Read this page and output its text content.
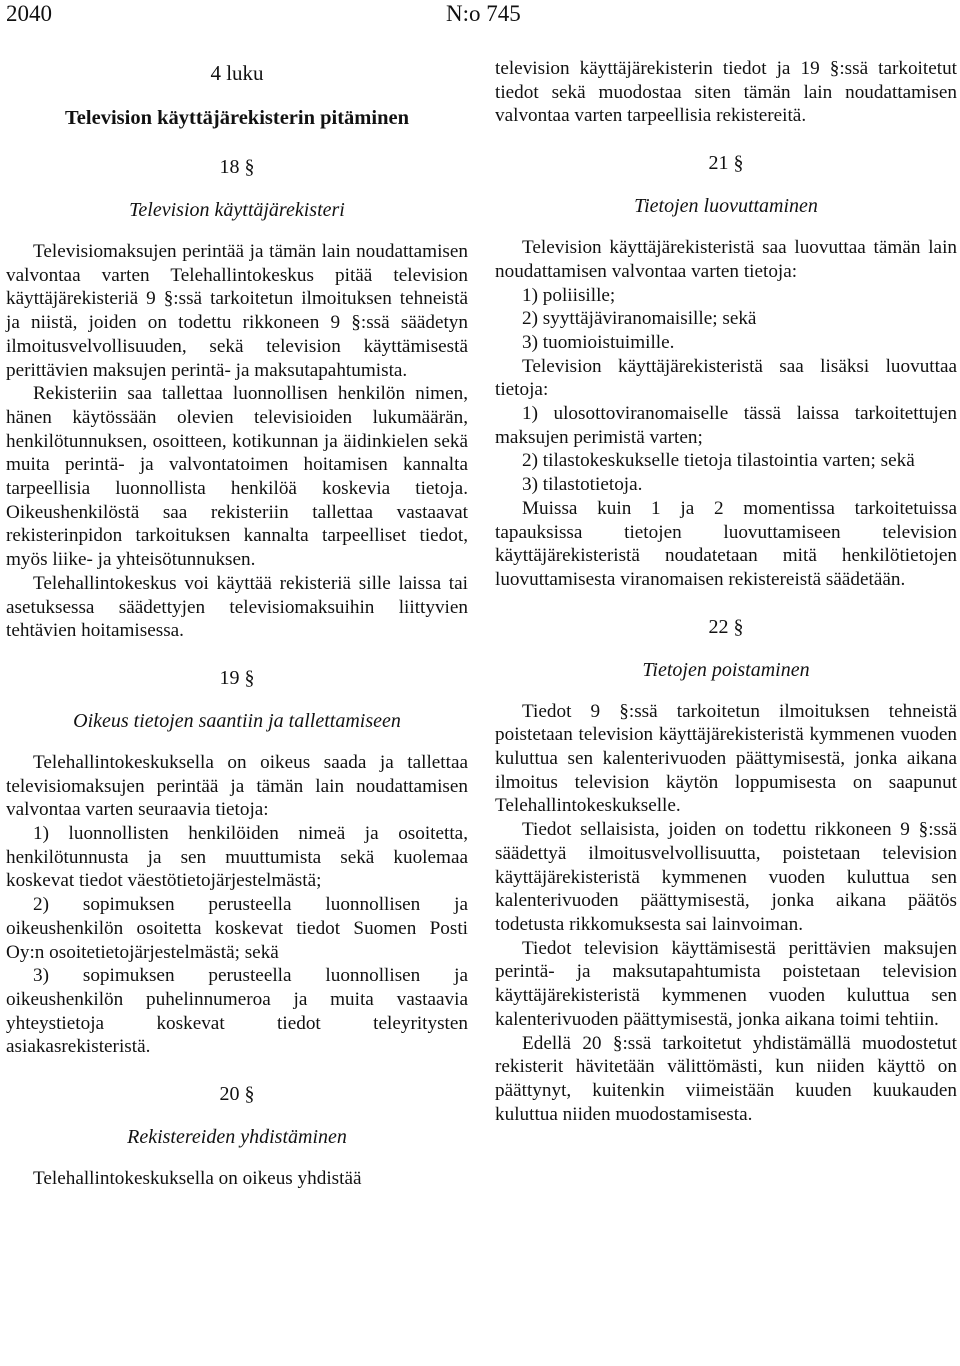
2040	N:o 745

4 luku

Television käyttäjärekisterin pitäminen

18 §

Television käyttäjärekisteri

Televisiomaksujen perintää ja tämän lain noudattamisen valvontaa varten Telehallintokeskus pitää television käyttäjärekisteriä 9 §:ssä tarkoitetun ilmoituksen tehneistä ja niistä, joiden on todettu rikkoneen 9 §:ssä säädetyn ilmoitusvelvollisuuden, sekä television käyttämisestä perittävien maksujen perintä- ja maksutapahtumista.

Rekisteriin saa tallettaa luonnollisen henkilön nimen, hänen käytössään olevien televisioiden lukumäärän, henkilötunnuksen, osoitteen, kotikunnan ja äidinkielen sekä muita perintä- ja valvontatoimen hoitamisen kannalta tarpeellisia luonnollista henkilöä koskevia tietoja. Oikeushenkilöstä saa rekisteriin tallettaa vastaavat rekisterinpidon tarkoituksen kannalta tarpeelliset tiedot, myös liike- ja yhteisötunnuksen.

Telehallintokeskus voi käyttää rekisteriä sille laissa tai asetuksessa säädettyjen televisiomaksuihin liittyvien tehtävien hoitamisessa.

19 §

Oikeus tietojen saantiin ja tallettamiseen

Telehallintokeskuksella on oikeus saada ja tallettaa televisiomaksujen perintää ja tämän lain noudattamisen valvontaa varten seuraavia tietoja:

1) luonnollisten henkilöiden nimeä ja osoitetta, henkilötunnusta ja sen muuttumista sekä kuolemaa koskevat tiedot väestötietojärjestelmästä;

2) sopimuksen perusteella luonnollisen ja oikeushenkilön osoitetta koskevat tiedot Suomen Posti Oy:n osoitetietojärjestelmästä; sekä

3) sopimuksen perusteella luonnollisen ja oikeushenkilön puhelinnumeroa ja muita vastaavia yhteystietoja koskevat tiedot teleyritysten asiakasrekisteristä.

20 §

Rekistereiden yhdistäminen

Telehallintokeskuksella on oikeus yhdistää

television käyttäjärekisterin tiedot ja 19 §:ssä tarkoitetut tiedot sekä muodostaa siten tämän lain noudattamisen valvontaa varten tarpeellisia rekistereitä.

21 §

Tietojen luovuttaminen

Television käyttäjärekisteristä saa luovuttaa tämän lain noudattamisen valvontaa varten tietoja:

1) poliisille;

2) syyttäjäviranomaisille; sekä

3) tuomioistuimille.

Television käyttäjärekisteristä saa lisäksi luovuttaa tietoja:

1) ulosottoviranomaiselle tässä laissa tarkoitettujen maksujen perimistä varten;

2) tilastokeskukselle tietoja tilastointia varten; sekä

3) tilastotietoja.

Muissa kuin 1 ja 2 momentissa tarkoitetuissa tapauksissa tietojen luovuttamiseen television käyttäjärekisteristä noudatetaan mitä henkilötietojen luovuttamisesta viranomaisen rekistereistä säädetään.

22 §

Tietojen poistaminen

Tiedot 9 §:ssä tarkoitetun ilmoituksen tehneistä poistetaan television käyttäjärekisteristä kymmenen vuoden kuluttua sen kalenterivuoden päättymisestä, jonka aikana ilmoitus television käytön loppumisesta on saapunut Telehallintokeskukselle.

Tiedot sellaisista, joiden on todettu rikkoneen 9 §:ssä säädettyä ilmoitusvelvollisuutta, poistetaan television käyttäjärekisteristä kymmenen vuoden kuluttua sen kalenterivuoden päättymisestä, jonka aikana päätös todetusta rikkomuksesta sai lainvoiman.

Tiedot television käyttämisestä perittävien maksujen perintä- ja maksutapahtumista poistetaan television käyttäjärekisteristä kymmenen vuoden kuluttua sen kalenterivuoden päättymisestä, jonka aikana toimi tehtiin.

Edellä 20 §:ssä tarkoitetut yhdistämällä muodostetut rekisterit hävitetään välittömästi, kun niiden käyttö on päättynyt, kuitenkin viimeistään kuuden kuukauden kuluttua niiden muodostamisesta.
